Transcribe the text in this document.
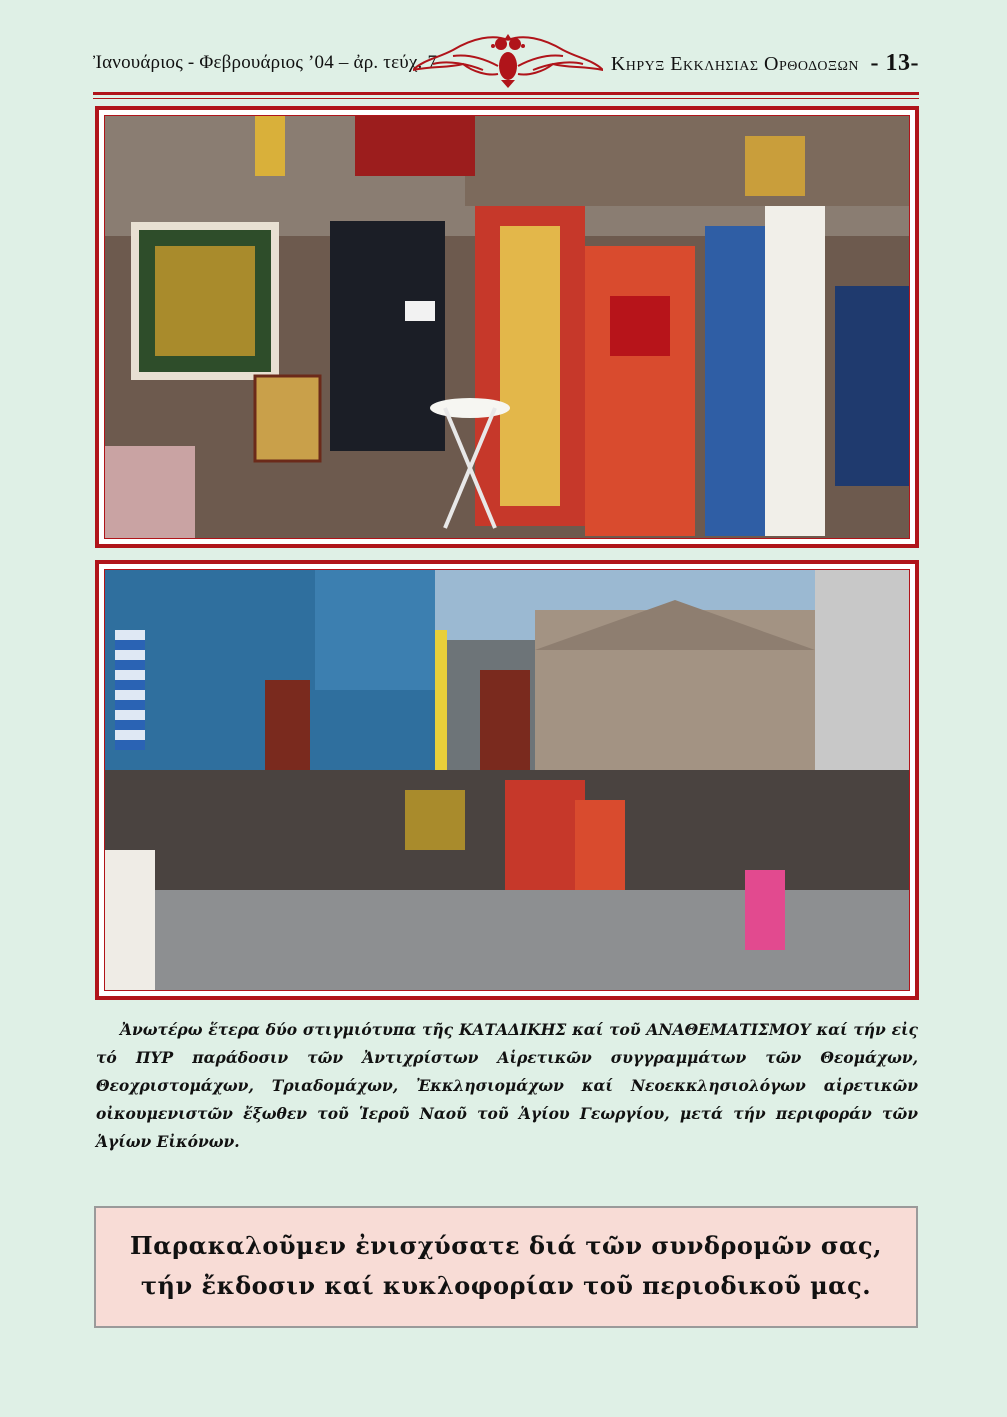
Ἰανουάριος - Φεβρουάριος ’04 – ἀρ. τεύχ. 7	Κηρυξ Εκκλησιας Ορθοδοξων - 13-
Ἀνωτέρω ἕτερα δύο στιγμιότυπα τῆς ΚΑΤΑΔΙΚΗΣ καί τοῦ ΑΝΑΘΕΜΑΤΙΣΜΟΥ καί τήν εἰς τό ΠΥΡ παράδοσιν τῶν Ἀντιχρίστων Αἱρετικῶν συγγραμμάτων τῶν Θεομάχων, Θεοχριστομάχων, Τριαδομάχων, Ἐκκλησιομάχων καί Νεοεκκλησιολόγων αἱρετικῶν οἰκουμενιστῶν ἔξωθεν τοῦ Ἱεροῦ Ναοῦ τοῦ Ἁγίου Γεωργίου, μετά τήν περιφοράν τῶν Ἁγίων Εἰκόνων.
Παρακαλοῦμεν ἐνισχύσατε διά τῶν συνδρομῶν σας,
τήν ἔκδοσιν καί κυκλοφορίαν τοῦ περιοδικοῦ μας.
